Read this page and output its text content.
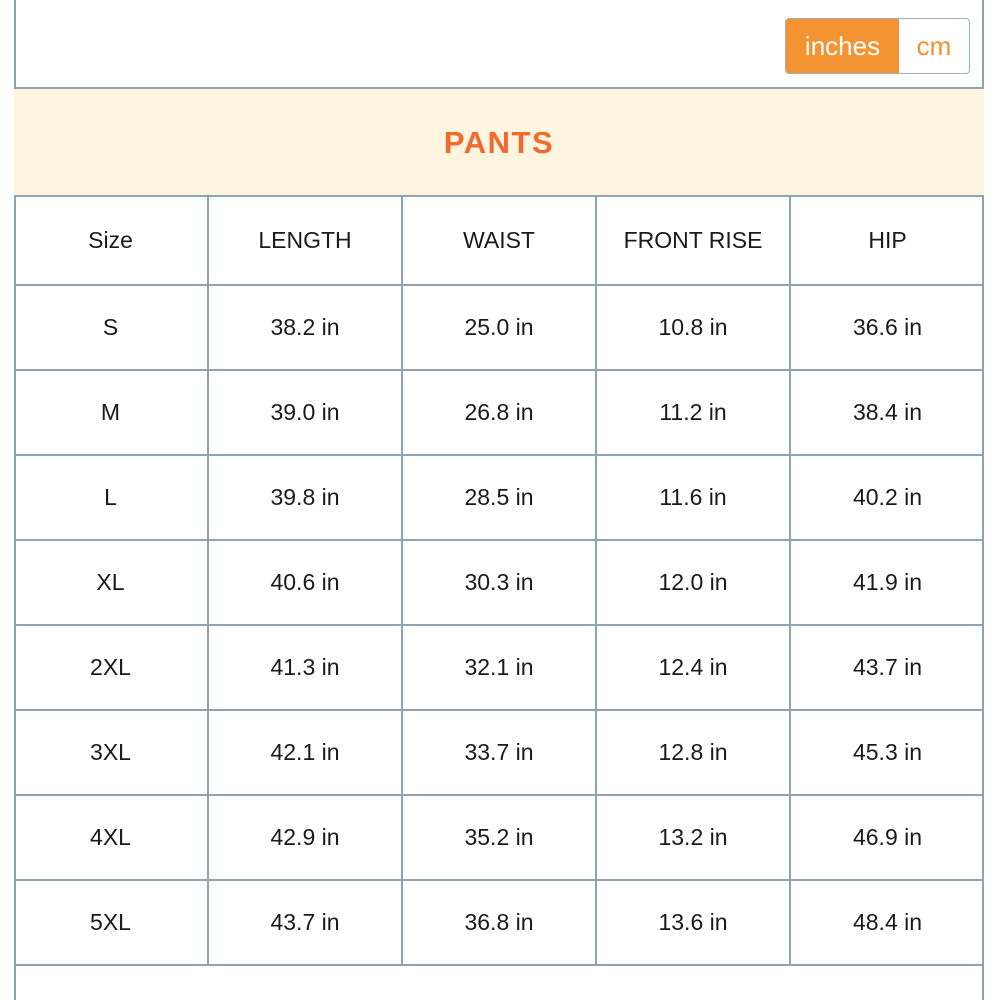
inches	cm
PANTS
Size	LENGTH	WAIST	FRONT RISE	HIP
S	38.2 in	25.0 in	10.8 in	36.6 in
M	39.0 in	26.8 in	11.2 in	38.4 in
L	39.8 in	28.5 in	11.6 in	40.2 in
XL	40.6 in	30.3 in	12.0 in	41.9 in
2XL	41.3 in	32.1 in	12.4 in	43.7 in
3XL	42.1 in	33.7 in	12.8 in	45.3 in
4XL	42.9 in	35.2 in	13.2 in	46.9 in
5XL	43.7 in	36.8 in	13.6 in	48.4 in
